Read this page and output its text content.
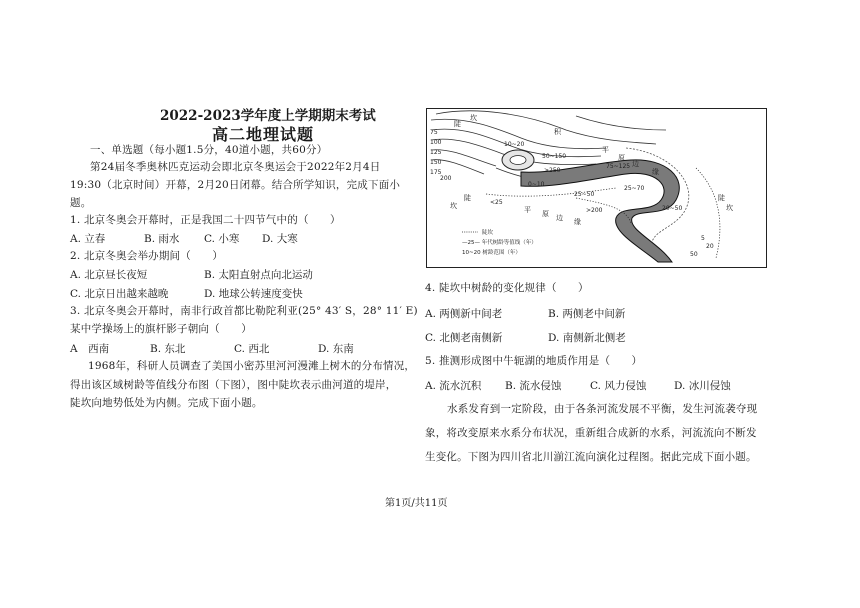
2022-2023学年度上学期期末考试
高二地理试题
一、单选题（每小题1.5分，40道小题，共60分）
第24届冬季奥林匹克运动会即北京冬奥运会于2022年2月4日
19:30（北京时间）开幕，2月20日闭幕。结合所学知识，完成下面小
题。
1. 北京冬奥会开幕时，正是我国二十四节气中的（　　）
A. 立春	B. 雨水 C. 小寒 D. 大寒
2. 北京冬奥会举办期间（　　）
A. 北京昼长夜短	B. 太阳直射点向北运动
C. 北京日出越来越晚	D. 地球公转速度变快
3. 北京冬奥会开幕时，南非行政首都比勒陀利亚(25° 43′ S，28° 11′ E)
某中学操场上的旗杆影子朝向（　　）
A　西南	B. 东北	C. 西北	D. 东南
1968年，科研人员调查了美国小密苏里河河漫滩上树木的分布情况，
得出该区域树龄等值线分布图（下图），图中陡坎表示曲河道的堤岸，
陡坎向地势低处为内侧。完成下面小题。
75
100
125
150
175
200
10~20
50~150
>250
<25
0~10
25~50
25~70
75~125
>200	20~50
5
20
50
陡
坎
积
平
原
边
缘
陡
平 原 边 缘
陡
坎
坎
陡坎
—25— 年代树龄等值线（年）
10~20 树龄范围（年）
4. 陡坎中树龄的变化规律（　　）
A. 两侧新中间老	B. 两侧老中间新
C. 北侧老南侧新	D. 南侧新北侧老
5. 推测形成图中牛轭湖的地质作用是（　　）
A. 流水沉积 B. 流水侵蚀	C. 风力侵蚀	D. 冰川侵蚀
水系发育到一定阶段，由于各条河流发展不平衡，发生河流袭夺现
象，将改变原来水系分布状况，重新组合成新的水系，河流流向不断发
生变化。下图为四川省北川湔江流向演化过程图。据此完成下面小题。
第1页/共11页
